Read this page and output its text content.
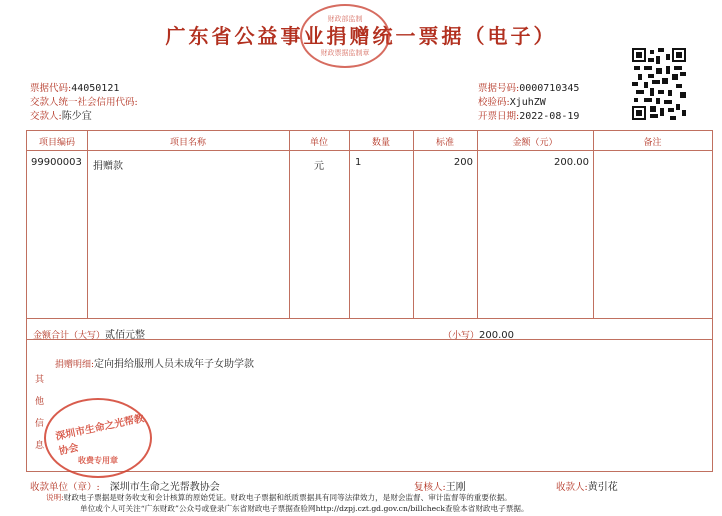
广东省公益事业捐赠统一票据（电子）
财政部监制
财政票据监制章
票据代码:44050121
交款人统一社会信用代码:
交款人:陈少宜
票据号码:0000710345
校验码:XjuhZW
开票日期:2022-08-19
项目编码	项目名称	单位	数量	标准	金额（元）	备注
99900003 捐赠款	元	1	200	200.00
金额合计（大写）贰佰元整	（小写）200.00
捐赠明细:定向捐给服刑人员未成年子女助学款
其他信息
深圳市生命之光帮教协会
收费专用章
收款单位（章）: 深圳市生命之光帮教协会	复核人:王刚	收款人:黄引花
说明:财政电子票据是财务收支和会计核算的原始凭证。财政电子票据和纸质票据具有同等法律效力，是财会监督、审计监督等的重要依据。
单位或个人可关注“广东财政”公众号或登录广东省财政电子票据查验网http://dzpj.czt.gd.gov.cn/billcheck查验本省财政电子票据。
